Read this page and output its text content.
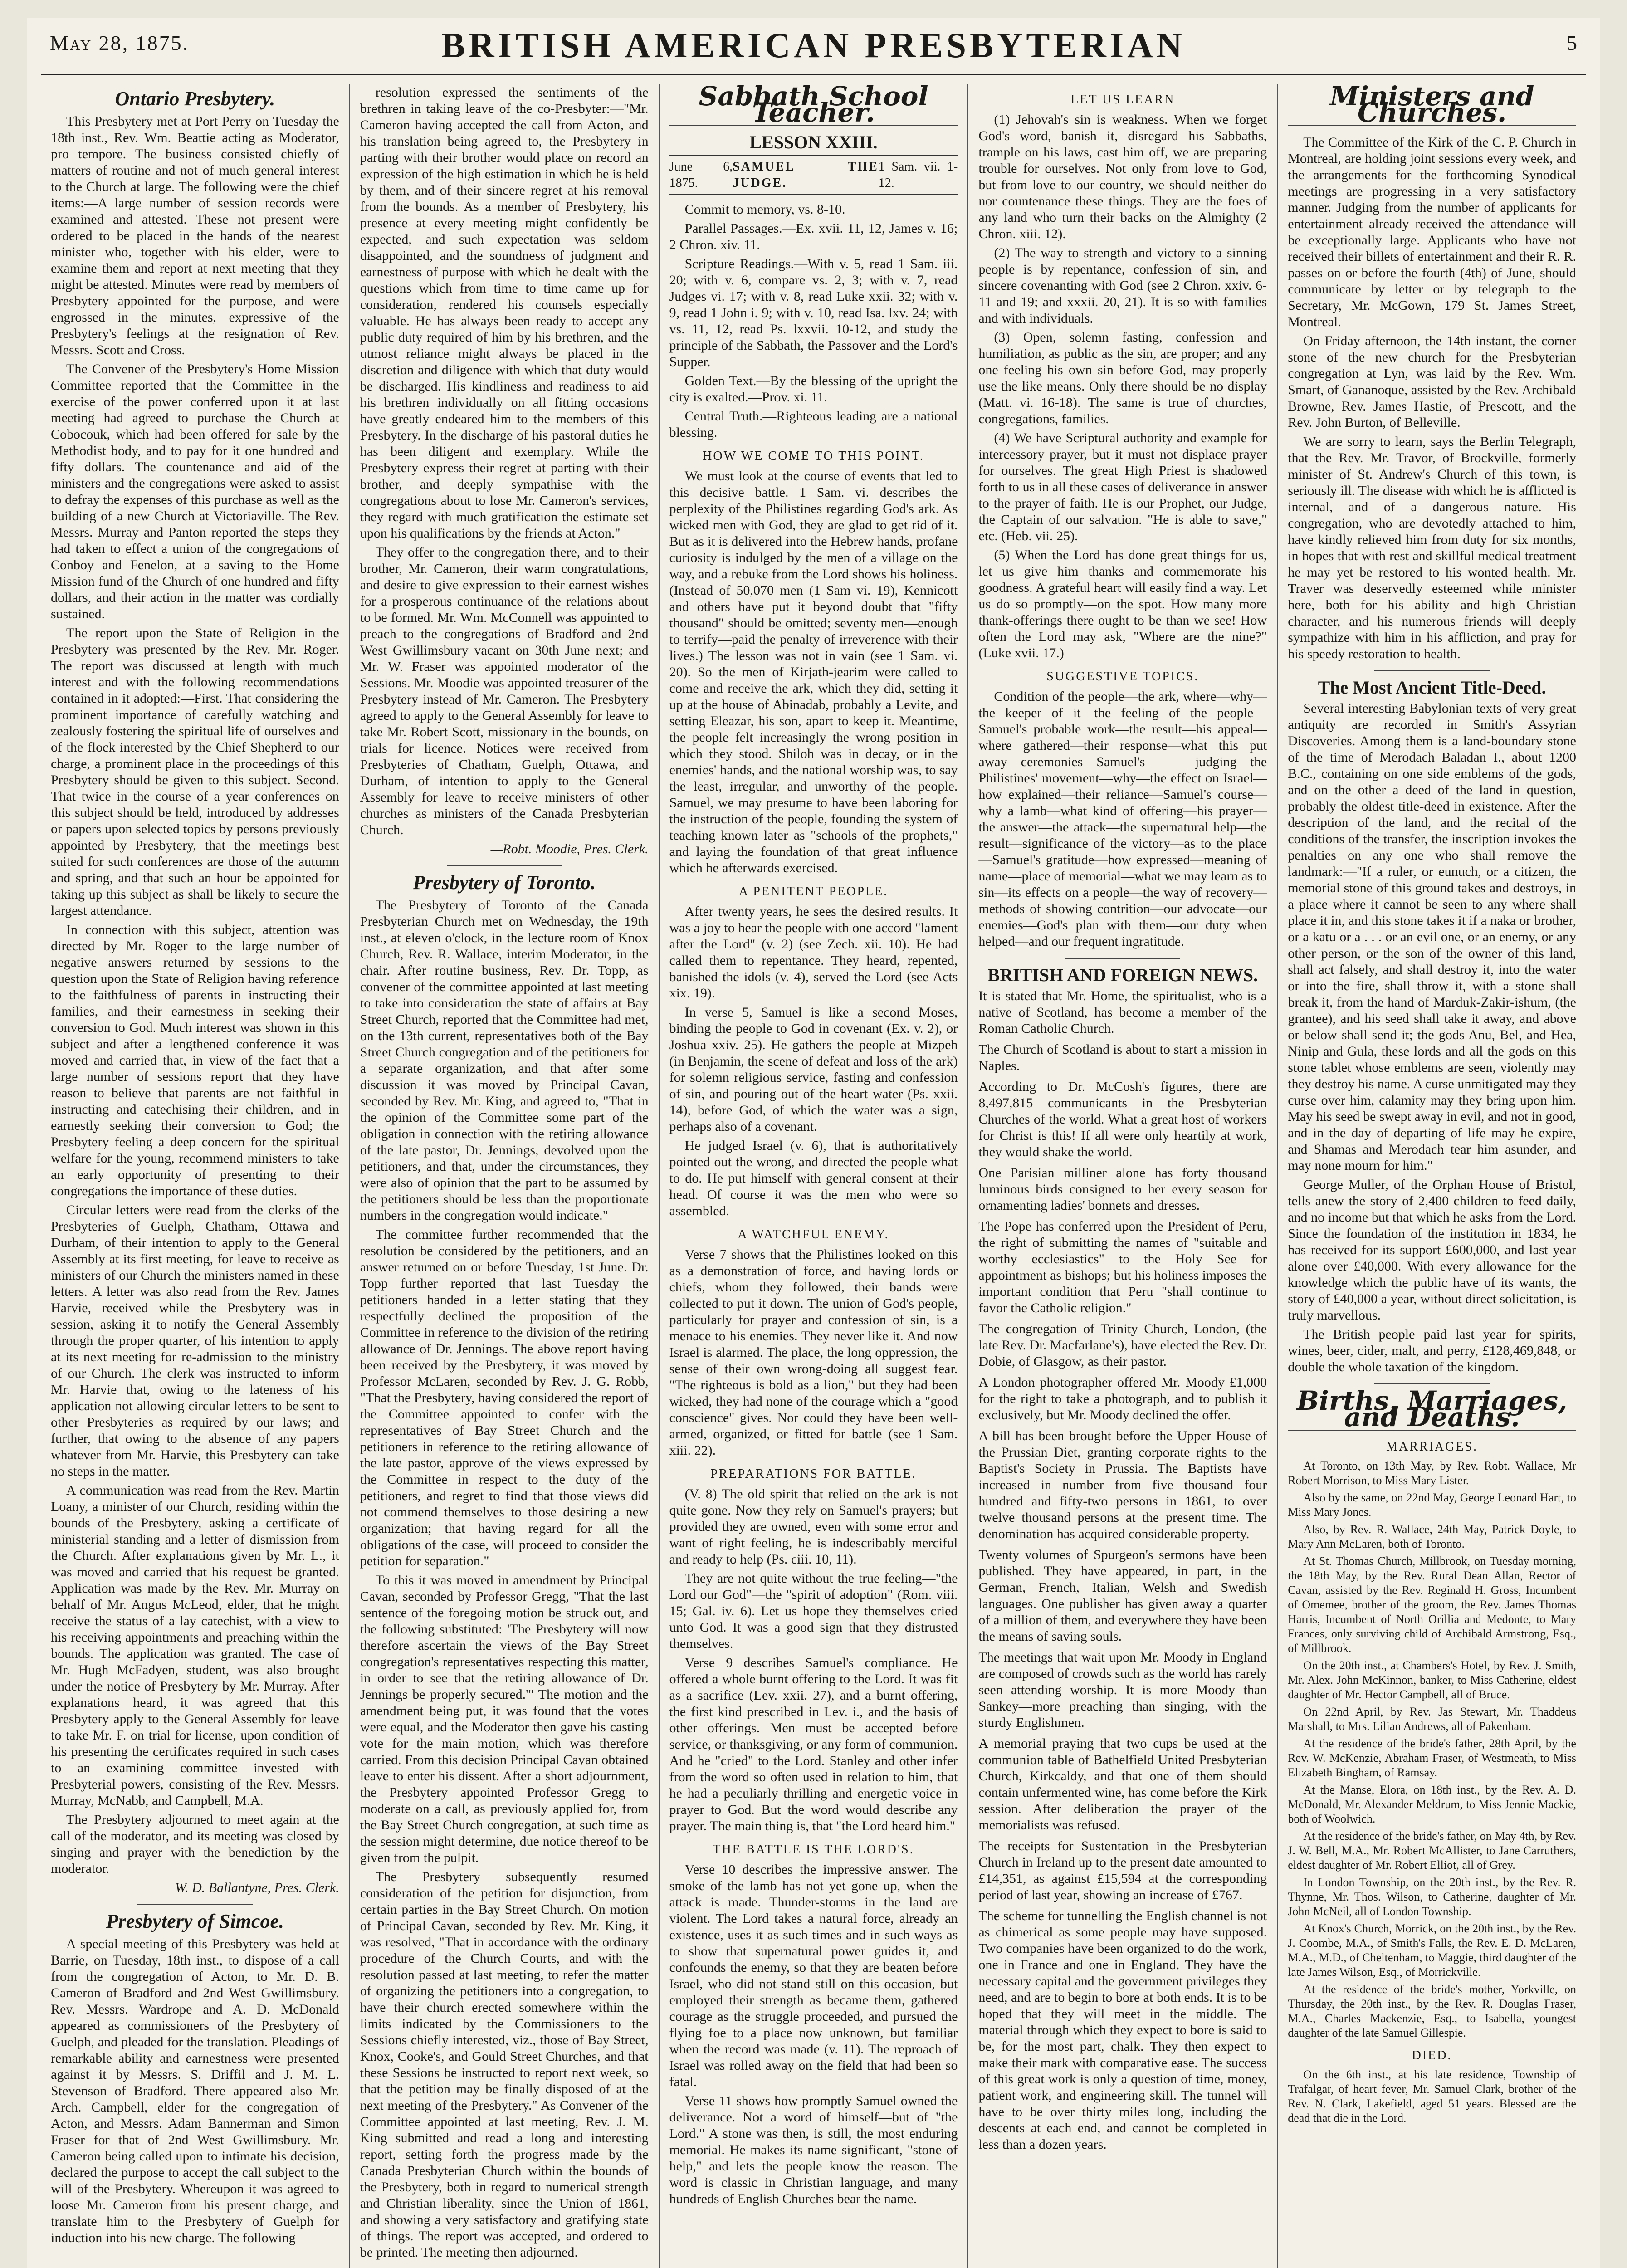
May 28, 1875.	BRITISH AMERICAN PRESBYTERIAN	5
Ontario Presbytery.

This Presbytery met at Port Perry on Tuesday the 18th inst., Rev. Wm. Beattie acting as Moderator, pro tempore. The business consisted chiefly of matters of routine and not of much general interest to the Church at large. The following were the chief items:—A large number of session records were examined and attested. These not present were ordered to be placed in the hands of the nearest minister who, together with his elder, were to examine them and report at next meeting that they might be attested. Minutes were read by members of Presbytery appointed for the purpose, and were engrossed in the minutes, expressive of the Presbytery's feelings at the resignation of Rev. Messrs. Scott and Cross.

The Convener of the Presbytery's Home Mission Committee reported that the Committee in the exercise of the power conferred upon it at last meeting had agreed to purchase the Church at Cobocouk, which had been offered for sale by the Methodist body, and to pay for it one hundred and fifty dollars. The countenance and aid of the ministers and the congregations were asked to assist to defray the expenses of this purchase as well as the building of a new Church at Victoriaville. The Rev. Messrs. Murray and Panton reported the steps they had taken to effect a union of the congregations of Conboy and Fenelon, at a saving to the Home Mission fund of the Church of one hundred and fifty dollars, and their action in the matter was cordially sustained.

The report upon the State of Religion in the Presbytery was presented by the Rev. Mr. Roger. The report was discussed at length with much interest and with the following recommendations contained in it adopted:—First. That considering the prominent importance of carefully watching and zealously fostering the spiritual life of ourselves and of the flock interested by the Chief Shepherd to our charge, a prominent place in the proceedings of this Presbytery should be given to this subject. Second. That twice in the course of a year conferences on this subject should be held, introduced by addresses or papers upon selected topics by persons previously appointed by Presbytery, that the meetings best suited for such conferences are those of the autumn and spring, and that such an hour be appointed for taking up this subject as shall be likely to secure the largest attendance.

In connection with this subject, attention was directed by Mr. Roger to the large number of negative answers returned by sessions to the question upon the State of Religion having reference to the faithfulness of parents in instructing their families, and their earnestness in seeking their conversion to God. Much interest was shown in this subject and after a lengthened conference it was moved and carried that, in view of the fact that a large number of sessions report that they have reason to believe that parents are not faithful in instructing and catechising their children, and in earnestly seeking their conversion to God; the Presbytery feeling a deep concern for the spiritual welfare for the young, recommend ministers to take an early opportunity of presenting to their congregations the importance of these duties.

Circular letters were read from the clerks of the Presbyteries of Guelph, Chatham, Ottawa and Durham, of their intention to apply to the General Assembly at its first meeting, for leave to receive as ministers of our Church the ministers named in these letters. A letter was also read from the Rev. James Harvie, received while the Presbytery was in session, asking it to notify the General Assembly through the proper quarter, of his intention to apply at its next meeting for re-admission to the ministry of our Church. The clerk was instructed to inform Mr. Harvie that, owing to the lateness of his application not allowing circular letters to be sent to other Presbyteries as required by our laws; and further, that owing to the absence of any papers whatever from Mr. Harvie, this Presbytery can take no steps in the matter.

A communication was read from the Rev. Martin Loany, a minister of our Church, residing within the bounds of the Presbytery, asking a certificate of ministerial standing and a letter of dismission from the Church. After explanations given by Mr. L., it was moved and carried that his request be granted. Application was made by the Rev. Mr. Murray on behalf of Mr. Angus McLeod, elder, that he might receive the status of a lay catechist, with a view to his receiving appointments and preaching within the bounds. The application was granted. The case of Mr. Hugh McFadyen, student, was also brought under the notice of Presbytery by Mr. Murray. After explanations heard, it was agreed that this Presbytery apply to the General Assembly for leave to take Mr. F. on trial for license, upon condition of his presenting the certificates required in such cases to an examining committee invested with Presbyterial powers, consisting of the Rev. Messrs. Murray, McNabb, and Campbell, M.A.

The Presbytery adjourned to meet again at the call of the moderator, and its meeting was closed by singing and prayer with the benediction by the moderator.

W. D. Ballantyne, Pres. Clerk.

Presbytery of Simcoe.

A special meeting of this Presbytery was held at Barrie, on Tuesday, 18th inst., to dispose of a call from the congregation of Acton, to Mr. D. B. Cameron of Bradford and 2nd West Gwillimsbury. Rev. Messrs. Wardrope and A. D. McDonald appeared as commissioners of the Presbytery of Guelph, and pleaded for the translation. Pleadings of remarkable ability and earnestness were presented against it by Messrs. S. Driffil and J. M. L. Stevenson of Bradford. There appeared also Mr. Arch. Campbell, elder for the congregation of Acton, and Messrs. Adam Bannerman and Simon Fraser for that of 2nd West Gwillimsbury. Mr. Cameron being called upon to intimate his decision, declared the purpose to accept the call subject to the will of the Presbytery. Whereupon it was agreed to loose Mr. Cameron from his present charge, and translate him to the Presbytery of Guelph for induction into his new charge. The following

resolution expressed the sentiments of the brethren in taking leave of the co-Presbyter:—"Mr. Cameron having accepted the call from Acton, and his translation being agreed to, the Presbytery in parting with their brother would place on record an expression of the high estimation in which he is held by them, and of their sincere regret at his removal from the bounds. As a member of Presbytery, his presence at every meeting might confidently be expected, and such expectation was seldom disappointed, and the soundness of judgment and earnestness of purpose with which he dealt with the questions which from time to time came up for consideration, rendered his counsels especially valuable. He has always been ready to accept any public duty required of him by his brethren, and the utmost reliance might always be placed in the discretion and diligence with which that duty would be discharged. His kindliness and readiness to aid his brethren individually on all fitting occasions have greatly endeared him to the members of this Presbytery. In the discharge of his pastoral duties he has been diligent and exemplary. While the Presbytery express their regret at parting with their brother, and deeply sympathise with the congregations about to lose Mr. Cameron's services, they regard with much gratification the estimate set upon his qualifications by the friends at Acton."

They offer to the congregation there, and to their brother, Mr. Cameron, their warm congratulations, and desire to give expression to their earnest wishes for a prosperous continuance of the relations about to be formed. Mr. Wm. McConnell was appointed to preach to the congregations of Bradford and 2nd West Gwillimsbury vacant on 30th June next; and Mr. W. Fraser was appointed moderator of the Sessions. Mr. Moodie was appointed treasurer of the Presbytery instead of Mr. Cameron. The Presbytery agreed to apply to the General Assembly for leave to take Mr. Robert Scott, missionary in the bounds, on trials for licence. Notices were received from Presbyteries of Chatham, Guelph, Ottawa, and Durham, of intention to apply to the General Assembly for leave to receive ministers of other churches as ministers of the Canada Presbyterian Church.

—Robt. Moodie, Pres. Clerk.

Presbytery of Toronto.

The Presbytery of Toronto of the Canada Presbyterian Church met on Wednesday, the 19th inst., at eleven o'clock, in the lecture room of Knox Church, Rev. R. Wallace, interim Moderator, in the chair. After routine business, Rev. Dr. Topp, as convener of the committee appointed at last meeting to take into consideration the state of affairs at Bay Street Church, reported that the Committee had met, on the 13th current, representatives both of the Bay Street Church congregation and of the petitioners for a separate organization, and that after some discussion it was moved by Principal Cavan, seconded by Rev. Mr. King, and agreed to, "That in the opinion of the Committee some part of the obligation in connection with the retiring allowance of the late pastor, Dr. Jennings, devolved upon the petitioners, and that, under the circumstances, they were also of opinion that the part to be assumed by the petitioners should be less than the proportionate numbers in the congregation would indicate."

The committee further recommended that the resolution be considered by the petitioners, and an answer returned on or before Tuesday, 1st June. Dr. Topp further reported that last Tuesday the petitioners handed in a letter stating that they respectfully declined the proposition of the Committee in reference to the division of the retiring allowance of Dr. Jennings. The above report having been received by the Presbytery, it was moved by Professor McLaren, seconded by Rev. J. G. Robb, "That the Presbytery, having considered the report of the Committee appointed to confer with the representatives of Bay Street Church and the petitioners in reference to the retiring allowance of the late pastor, approve of the views expressed by the Committee in respect to the duty of the petitioners, and regret to find that those views did not commend themselves to those desiring a new organization; that having regard for all the obligations of the case, will proceed to consider the petition for separation."

To this it was moved in amendment by Principal Cavan, seconded by Professor Gregg, "That the last sentence of the foregoing motion be struck out, and the following substituted: 'The Presbytery will now therefore ascertain the views of the Bay Street congregation's representatives respecting this matter, in order to see that the retiring allowance of Dr. Jennings be properly secured.'" The motion and the amendment being put, it was found that the votes were equal, and the Moderator then gave his casting vote for the main motion, which was therefore carried. From this decision Principal Cavan obtained leave to enter his dissent. After a short adjournment, the Presbytery appointed Professor Gregg to moderate on a call, as previously applied for, from the Bay Street Church congregation, at such time as the session might determine, due notice thereof to be given from the pulpit.

The Presbytery subsequently resumed consideration of the petition for disjunction, from certain parties in the Bay Street Church. On motion of Principal Cavan, seconded by Rev. Mr. King, it was resolved, "That in accordance with the ordinary procedure of the Church Courts, and with the resolution passed at last meeting, to refer the matter of organizing the petitioners into a congregation, to have their church erected somewhere within the limits indicated by the Commissioners to the Sessions chiefly interested, viz., those of Bay Street, Knox, Cooke's, and Gould Street Churches, and that these Sessions be instructed to report next week, so that the petition may be finally disposed of at the next meeting of the Presbytery." As Convener of the Committee appointed at last meeting, Rev. J. M. King submitted and read a long and interesting report, setting forth the progress made by the Canada Presbyterian Church within the bounds of the Presbytery, both in regard to numerical strength and Christian liberality, since the Union of 1861, and showing a very satisfactory and gratifying state of things. The report was accepted, and ordered to be printed. The meeting then adjourned.

Sabbath School Teacher.
LESSON XXIII.
June 6, 1875.
SAMUEL THE JUDGE.
1 Sam. vii. 1-12.

Commit to memory, vs. 8-10.

Parallel Passages.—Ex. xvii. 11, 12, James v. 16; 2 Chron. xiv. 11.

Scripture Readings.—With v. 5, read 1 Sam. iii. 20; with v. 6, compare vs. 2, 3; with v. 7, read Judges vi. 17; with v. 8, read Luke xxii. 32; with v. 9, read 1 John i. 9; with v. 10, read Isa. lxv. 24; with vs. 11, 12, read Ps. lxxvii. 10-12, and study the principle of the Sabbath, the Passover and the Lord's Supper.

Golden Text.—By the blessing of the upright the city is exalted.—Prov. xi. 11.

Central Truth.—Righteous leading are a national blessing.

HOW WE COME TO THIS POINT.

We must look at the course of events that led to this decisive battle. 1 Sam. vi. describes the perplexity of the Philistines regarding God's ark. As wicked men with God, they are glad to get rid of it. But as it is delivered into the Hebrew hands, profane curiosity is indulged by the men of a village on the way, and a rebuke from the Lord shows his holiness. (Instead of 50,070 men (1 Sam vi. 19), Kennicott and others have put it beyond doubt that "fifty thousand" should be omitted; seventy men—enough to terrify—paid the penalty of irreverence with their lives.) The lesson was not in vain (see 1 Sam. vi. 20). So the men of Kirjath-jearim were called to come and receive the ark, which they did, setting it up at the house of Abinadab, probably a Levite, and setting Eleazar, his son, apart to keep it. Meantime, the people felt increasingly the wrong position in which they stood. Shiloh was in decay, or in the enemies' hands, and the national worship was, to say the least, irregular, and unworthy of the people. Samuel, we may presume to have been laboring for the instruction of the people, founding the system of teaching known later as "schools of the prophets," and laying the foundation of that great influence which he afterwards exercised.

A PENITENT PEOPLE.

After twenty years, he sees the desired results. It was a joy to hear the people with one accord "lament after the Lord" (v. 2) (see Zech. xii. 10). He had called them to repentance. They heard, repented, banished the idols (v. 4), served the Lord (see Acts xix. 19).

In verse 5, Samuel is like a second Moses, binding the people to God in covenant (Ex. v. 2), or Joshua xxiv. 25). He gathers the people at Mizpeh (in Benjamin, the scene of defeat and loss of the ark) for solemn religious service, fasting and confession of sin, and pouring out of the heart water (Ps. xxii. 14), before God, of which the water was a sign, perhaps also of a covenant.

He judged Israel (v. 6), that is authoritatively pointed out the wrong, and directed the people what to do. He put himself with general consent at their head. Of course it was the men who were so assembled.

A WATCHFUL ENEMY.

Verse 7 shows that the Philistines looked on this as a demonstration of force, and having lords or chiefs, whom they followed, their bands were collected to put it down. The union of God's people, particularly for prayer and confession of sin, is a menace to his enemies. They never like it. And now Israel is alarmed. The place, the long oppression, the sense of their own wrong-doing all suggest fear. "The righteous is bold as a lion," but they had been wicked, they had none of the courage which a "good conscience" gives. Nor could they have been well-armed, organized, or fitted for battle (see 1 Sam. xiii. 22).

PREPARATIONS FOR BATTLE.

(V. 8) The old spirit that relied on the ark is not quite gone. Now they rely on Samuel's prayers; but provided they are owned, even with some error and want of right feeling, he is indescribably merciful and ready to help (Ps. ciii. 10, 11).

They are not quite without the true feeling—"the Lord our God"—the "spirit of adoption" (Rom. viii. 15; Gal. iv. 6). Let us hope they themselves cried unto God. It was a good sign that they distrusted themselves.

Verse 9 describes Samuel's compliance. He offered a whole burnt offering to the Lord. It was fit as a sacrifice (Lev. xxii. 27), and a burnt offering, the first kind prescribed in Lev. i., and the basis of other offerings. Men must be accepted before service, or thanksgiving, or any form of communion. And he "cried" to the Lord. Stanley and other infer from the word so often used in relation to him, that he had a peculiarly thrilling and energetic voice in prayer to God. But the word would describe any prayer. The main thing is, that "the Lord heard him."

THE BATTLE IS THE LORD'S.

Verse 10 describes the impressive answer. The smoke of the lamb has not yet gone up, when the attack is made. Thunder-storms in the land are violent. The Lord takes a natural force, already an existence, uses it as such times and in such ways as to show that supernatural power guides it, and confounds the enemy, so that they are beaten before Israel, who did not stand still on this occasion, but employed their strength as became them, gathered courage as the struggle proceeded, and pursued the flying foe to a place now unknown, but familiar when the record was made (v. 11). The reproach of Israel was rolled away on the field that had been so fatal.

Verse 11 shows how promptly Samuel owned the deliverance. Not a word of himself—but of "the Lord." A stone was then, is still, the most enduring memorial. He makes its name significant, "stone of help," and lets the people know the reason. The word is classic in Christian language, and many hundreds of English Churches bear the name.

LET US LEARN

(1) Jehovah's sin is weakness. When we forget God's word, banish it, disregard his Sabbaths, trample on his laws, cast him off, we are preparing trouble for ourselves. Not only from love to God, but from love to our country, we should neither do nor countenance these things. They are the foes of any land who turn their backs on the Almighty (2 Chron. xiii. 12).

(2) The way to strength and victory to a sinning people is by repentance, confession of sin, and sincere covenanting with God (see 2 Chron. xxiv. 6-11 and 19; and xxxii. 20, 21). It is so with families and with individuals.

(3) Open, solemn fasting, confession and humiliation, as public as the sin, are proper; and any one feeling his own sin before God, may properly use the like means. Only there should be no display (Matt. vi. 16-18). The same is true of churches, congregations, families.

(4) We have Scriptural authority and example for intercessory prayer, but it must not displace prayer for ourselves. The great High Priest is shadowed forth to us in all these cases of deliverance in answer to the prayer of faith. He is our Prophet, our Judge, the Captain of our salvation. "He is able to save," etc. (Heb. vii. 25).

(5) When the Lord has done great things for us, let us give him thanks and commemorate his goodness. A grateful heart will easily find a way. Let us do so promptly—on the spot. How many more thank-offerings there ought to be than we see! How often the Lord may ask, "Where are the nine?" (Luke xvii. 17.)

SUGGESTIVE TOPICS.

Condition of the people—the ark, where—why—the keeper of it—the feeling of the people—Samuel's probable work—the result—his appeal—where gathered—their response—what this put away—ceremonies—Samuel's judging—the Philistines' movement—why—the effect on Israel—how explained—their reliance—Samuel's course—why a lamb—what kind of offering—his prayer—the answer—the attack—the supernatural help—the result—significance of the victory—as to the place—Samuel's gratitude—how expressed—meaning of name—place of memorial—what we may learn as to sin—its effects on a people—the way of recovery—methods of showing contrition—our advocate—our enemies—God's plan with them—our duty when helped—and our frequent ingratitude.

BRITISH AND FOREIGN NEWS.

It is stated that Mr. Home, the spiritualist, who is a native of Scotland, has become a member of the Roman Catholic Church.

The Church of Scotland is about to start a mission in Naples.

According to Dr. McCosh's figures, there are 8,497,815 communicants in the Presbyterian Churches of the world. What a great host of workers for Christ is this! If all were only heartily at work, they would shake the world.

One Parisian milliner alone has forty thousand luminous birds consigned to her every season for ornamenting ladies' bonnets and dresses.

The Pope has conferred upon the President of Peru, the right of submitting the names of "suitable and worthy ecclesiastics" to the Holy See for appointment as bishops; but his holiness imposes the important condition that Peru "shall continue to favor the Catholic religion."

The congregation of Trinity Church, London, (the late Rev. Dr. Macfarlane's), have elected the Rev. Dr. Dobie, of Glasgow, as their pastor.

A London photographer offered Mr. Moody £1,000 for the right to take a photograph, and to publish it exclusively, but Mr. Moody declined the offer.

A bill has been brought before the Upper House of the Prussian Diet, granting corporate rights to the Baptist's Society in Prussia. The Baptists have increased in number from five thousand four hundred and fifty-two persons in 1861, to over twelve thousand persons at the present time. The denomination has acquired considerable property.

Twenty volumes of Spurgeon's sermons have been published. They have appeared, in part, in the German, French, Italian, Welsh and Swedish languages. One publisher has given away a quarter of a million of them, and everywhere they have been the means of saving souls.

The meetings that wait upon Mr. Moody in England are composed of crowds such as the world has rarely seen attending worship. It is more Moody than Sankey—more preaching than singing, with the sturdy Englishmen.

A memorial praying that two cups be used at the communion table of Bathelfield United Presbyterian Church, Kirkcaldy, and that one of them should contain unfermented wine, has come before the Kirk session. After deliberation the prayer of the memorialists was refused.

The receipts for Sustentation in the Presbyterian Church in Ireland up to the present date amounted to £14,351, as against £15,594 at the corresponding period of last year, showing an increase of £767.

The scheme for tunnelling the English channel is not as chimerical as some people may have supposed. Two companies have been organized to do the work, one in France and one in England. They have the necessary capital and the government privileges they need, and are to begin to bore at both ends. It is to be hoped that they will meet in the middle. The material through which they expect to bore is said to be, for the most part, chalk. They then expect to make their mark with comparative ease. The success of this great work is only a question of time, money, patient work, and engineering skill. The tunnel will have to be over thirty miles long, including the descents at each end, and cannot be completed in less than a dozen years.

Ministers and Churches.

The Committee of the Kirk of the C. P. Church in Montreal, are holding joint sessions every week, and the arrangements for the forthcoming Synodical meetings are progressing in a very satisfactory manner. Judging from the number of applicants for entertainment already received the attendance will be exceptionally large. Applicants who have not received their billets of entertainment and their R. R. passes on or before the fourth (4th) of June, should communicate by letter or by telegraph to the Secretary, Mr. McGown, 179 St. James Street, Montreal.

On Friday afternoon, the 14th instant, the corner stone of the new church for the Presbyterian congregation at Lyn, was laid by the Rev. Wm. Smart, of Gananoque, assisted by the Rev. Archibald Browne, Rev. James Hastie, of Prescott, and the Rev. John Burton, of Belleville.

We are sorry to learn, says the Berlin Telegraph, that the Rev. Mr. Travor, of Brockville, formerly minister of St. Andrew's Church of this town, is seriously ill. The disease with which he is afflicted is internal, and of a dangerous nature. His congregation, who are devotedly attached to him, have kindly relieved him from duty for six months, in hopes that with rest and skillful medical treatment he may yet be restored to his wonted health. Mr. Traver was deservedly esteemed while minister here, both for his ability and high Christian character, and his numerous friends will deeply sympathize with him in his affliction, and pray for his speedy restoration to health.

The Most Ancient Title-Deed.

Several interesting Babylonian texts of very great antiquity are recorded in Smith's Assyrian Discoveries. Among them is a land-boundary stone of the time of Merodach Baladan I., about 1200 B.C., containing on one side emblems of the gods, and on the other a deed of the land in question, probably the oldest title-deed in existence. After the description of the land, and the recital of the conditions of the transfer, the inscription invokes the penalties on any one who shall remove the landmark:—"If a ruler, or eunuch, or a citizen, the memorial stone of this ground takes and destroys, in a place where it cannot be seen to any where shall place it in, and this stone takes it if a naka or brother, or a katu or a . . . or an evil one, or an enemy, or any other person, or the son of the owner of this land, shall act falsely, and shall destroy it, into the water or into the fire, shall throw it, with a stone shall break it, from the hand of Marduk-Zakir-ishum, (the grantee), and his seed shall take it away, and above or below shall send it; the gods Anu, Bel, and Hea, Ninip and Gula, these lords and all the gods on this stone tablet whose emblems are seen, violently may they destroy his name. A curse unmitigated may they curse over him, calamity may they bring upon him. May his seed be swept away in evil, and not in good, and in the day of departing of life may he expire, and Shamas and Merodach tear him asunder, and may none mourn for him."

George Muller, of the Orphan House of Bristol, tells anew the story of 2,400 children to feed daily, and no income but that which he asks from the Lord. Since the foundation of the institution in 1834, he has received for its support £600,000, and last year alone over £40,000. With every allowance for the knowledge which the public have of its wants, the story of £40,000 a year, without direct solicitation, is truly marvellous.

The British people paid last year for spirits, wines, beer, cider, malt, and perry, £128,469,848, or double the whole taxation of the kingdom.

Births, Marriages, and Deaths.
MARRIAGES.

At Toronto, on 13th May, by Rev. Robt. Wallace, Mr Robert Morrison, to Miss Mary Lister.

Also by the same, on 22nd May, George Leonard Hart, to Miss Mary Jones.

Also, by Rev. R. Wallace, 24th May, Patrick Doyle, to Mary Ann McLaren, both of Toronto.

At St. Thomas Church, Millbrook, on Tuesday morning, the 18th May, by the Rev. Rural Dean Allan, Rector of Cavan, assisted by the Rev. Reginald H. Gross, Incumbent of Omemee, brother of the groom, the Rev. James Thomas Harris, Incumbent of North Orillia and Medonte, to Mary Frances, only surviving child of Archibald Armstrong, Esq., of Millbrook.

On the 20th inst., at Chambers's Hotel, by Rev. J. Smith, Mr. Alex. John McKinnon, banker, to Miss Catherine, eldest daughter of Mr. Hector Campbell, all of Bruce.

On 22nd April, by Rev. Jas Stewart, Mr. Thaddeus Marshall, to Mrs. Lilian Andrews, all of Pakenham.

At the residence of the bride's father, 28th April, by the Rev. W. McKenzie, Abraham Fraser, of Westmeath, to Miss Elizabeth Bingham, of Ramsay.

At the Manse, Elora, on 18th inst., by the Rev. A. D. McDonald, Mr. Alexander Meldrum, to Miss Jennie Mackie, both of Woolwich.

At the residence of the bride's father, on May 4th, by Rev. J. W. Bell, M.A., Mr. Robert McAllister, to Jane Carruthers, eldest daughter of Mr. Robert Elliot, all of Grey.

In London Township, on the 20th inst., by the Rev. R. Thynne, Mr. Thos. Wilson, to Catherine, daughter of Mr. John McNeil, all of London Township.

At Knox's Church, Morrick, on the 20th inst., by the Rev. J. Coombe, M.A., of Smith's Falls, the Rev. E. D. McLaren, M.A., M.D., of Cheltenham, to Maggie, third daughter of the late James Wilson, Esq., of Morrickville.

At the residence of the bride's mother, Yorkville, on Thursday, the 20th inst., by the Rev. R. Douglas Fraser, M.A., Charles Mackenzie, Esq., to Isabella, youngest daughter of the late Samuel Gillespie.

DIED.

On the 6th inst., at his late residence, Township of Trafalgar, of heart fever, Mr. Samuel Clark, brother of the Rev. N. Clark, Lakefield, aged 51 years. Blessed are the dead that die in the Lord.
